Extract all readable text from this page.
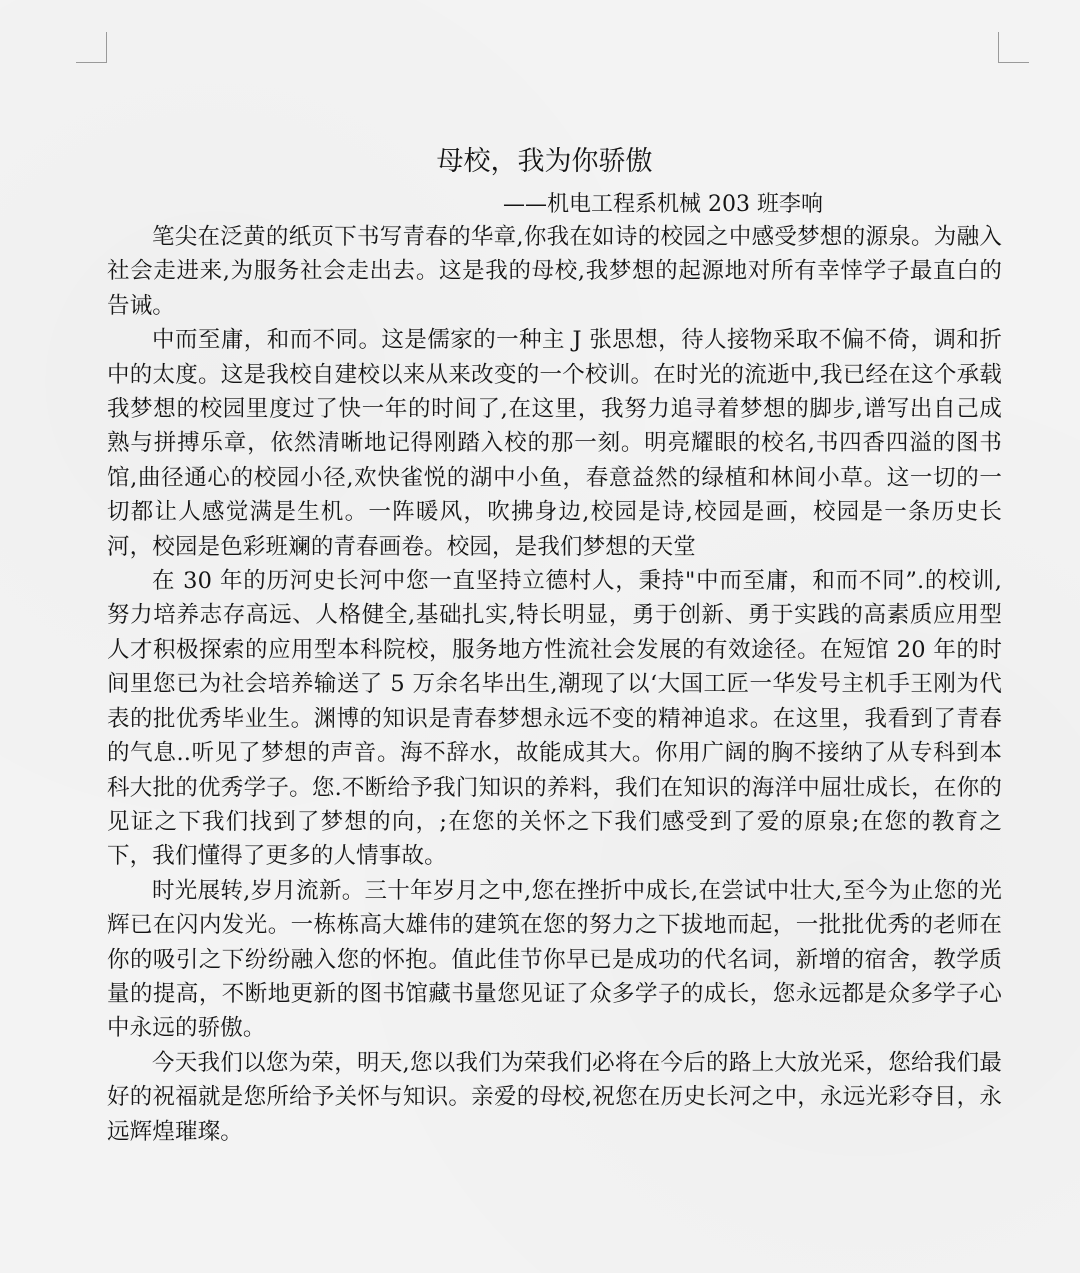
母校，我为你骄傲

——机电工程系机械 203 班李响

笔尖在泛黄的纸页下书写青春的华章,你我在如诗的校园之中感受梦想的源泉。为融入 社会走进来,为服务社会走出去。这是我的母校,我梦想的起源地对所有幸悻学子最直白的告诫。

中而至庸，和而不同。这是儒家的一种主 J 张思想，待人接物采取不偏不倚，调和折中的太度。这是我校自建校以来从来改变的一个校训。在时光的流逝中,我已经在这个承载我梦想的校园里度过了快一年的时间了,在这里，我努力追寻着梦想的脚步,谱写出自己成熟与拼搏乐章，依然清晰地记得刚踏入校的那一刻。明亮耀眼的校名,书四香四溢的图书馆,曲径通心的校园小径,欢快雀悦的湖中小鱼，春意益然的绿植和林间小草。这一切的一切都让人感觉满是生机。一阵暖风，吹拂身边,校园是诗,校园是画，校园是一条历史长河，校园是色彩班斓的青春画卷。校园，是我们梦想的天堂

在 30 年的历河史长河中您一直坚持立德村人，秉持"中而至庸，和而不同”.的校训,努力培养志存高远、人格健全,基础扎实,特长明显，勇于创新、勇于实践的高素质应用型人才积极探索的应用型本科院校，服务地方性流社会发展的有效途径。在短馆 20 年的时间里您已为社会培养输送了 5 万余名毕出生,潮现了以‘大国工匠一华发号主机手王刚为代表的批优秀毕业生。渊博的知识是青春梦想永远不变的精神追求。在这里，我看到了青春的气息..听见了梦想的声音。海不辞水，故能成其大。你用广阔的胸不接纳了从专科到本科大批的优秀学子。您.不断给予我门知识的养料，我们在知识的海洋中屈壮成长，在你的见证之下我们找到了梦想的向，;在您的关怀之下我们感受到了爱的原泉;在您的教育之下，我们懂得了更多的人情事故。

时光展转,岁月流新。三十年岁月之中,您在挫折中成长,在尝试中壮大,至今为止您的光辉已在闪内发光。一栋栋高大雄伟的建筑在您的努力之下拔地而起，一批批优秀的老师在你的吸引之下纷纷融入您的怀抱。值此佳节你早已是成功的代名词，新增的宿舍，教学质量的提高，不断地更新的图书馆藏书量您见证了众多学子的成长，您永远都是众多学子心中永远的骄傲。

今天我们以您为荣，明天,您以我们为荣我们必将在今后的路上大放光采，您给我们最好的祝福就是您所给予关怀与知识。亲爱的母校,祝您在历史长河之中，永远光彩夺目，永远辉煌璀璨。
